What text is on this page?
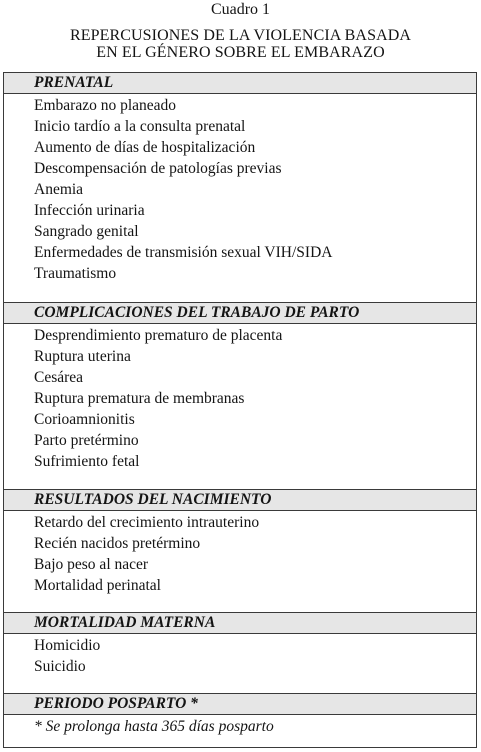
Cuadro 1
REPERCUSIONES DE LA VIOLENCIA BASADA
EN EL GÉNERO SOBRE EL EMBARAZO
PRENATAL
Embarazo no planeado
Inicio tardío a la consulta prenatal
Aumento de días de hospitalización
Descompensación de patologías previas
Anemia
Infección urinaria
Sangrado genital
Enfermedades de transmisión sexual VIH/SIDA
Traumatismo
COMPLICACIONES DEL TRABAJO DE PARTO
Desprendimiento prematuro de placenta
Ruptura uterina
Cesárea
Ruptura prematura de membranas
Corioamnionitis
Parto pretérmino
Sufrimiento fetal
RESULTADOS DEL NACIMIENTO
Retardo del crecimiento intrauterino
Recién nacidos pretérmino
Bajo peso al nacer
Mortalidad perinatal
MORTALIDAD MATERNA
Homicidio
Suicidio
PERIODO POSPARTO *
* Se prolonga hasta 365 días posparto
